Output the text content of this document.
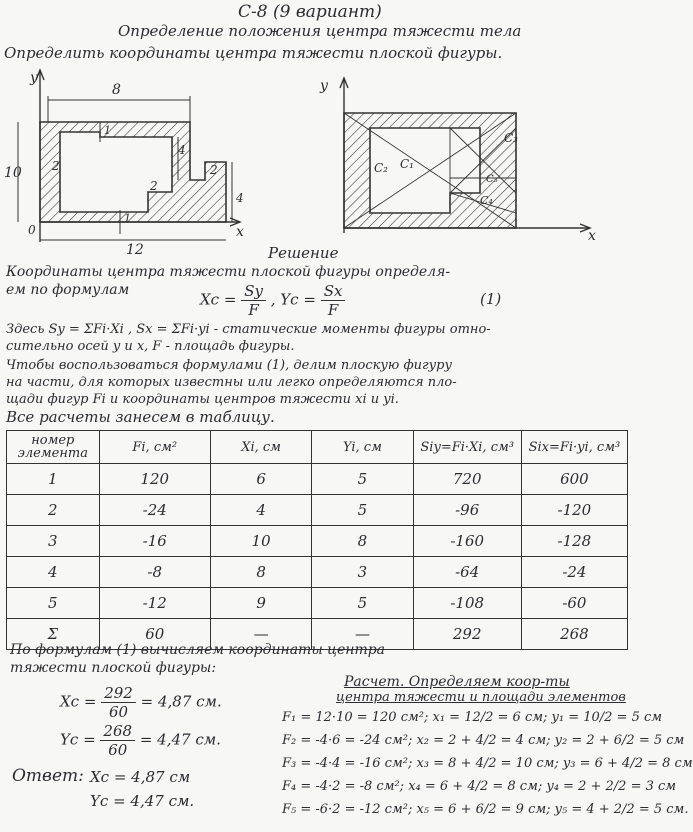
С-8 (9 вариант)
Определение положения центра тяжести тела
Определить координаты центра тяжести плоской фигуры.
8
10
12
2
2
2
4
4
1
1
y
x
0
y
x
C₁
C₂
C₃
C₄
C₅
Решение
Координаты центра тяжести плоской фигуры определя-
ем по формулам
$Xc = \frac{Sy}{F}$ , $Yc = \frac{Sx}{F}$	(1)
Здесь Sy = ΣFi·Xi , Sx = ΣFi·yi - статические моменты фигуры отно-
сительно осей y и x, F - площадь фигуры.
Чтобы воспользоваться формулами (1), делим плоскую фигуру
на части, для которых известны или легко определяются пло-
щади фигур Fi и координаты центров тяжести xi и yi.
Все расчеты занесем в таблицу.
номер элемента	Fi, см²	Xi, см	Yi, см	Siy=Fi·Xi, см³	Six=Fi·yi, см³
1	120	6	5	720	600
2	-24	4	5	-96	-120
3	-16	10	8	-160	-128
4	-8	8	3	-64	-24
5	-12	9	5	-108	-60
Σ	60	—	—	292	268
По формулам (1) вычисляем координаты центра
тяжести плоской фигуры:
$Xc = \frac{292}{60} = 4,87$ см.
$Yc = \frac{268}{60} = 4,47$ см.
Ответ: Xc = 4,87 см
Yc = 4,47 см.
Расчет. Определяем коор-ты
центра тяжести и площади элементов
F₁ = 12·10 = 120 см²; x₁ = 12/2 = 6 см; y₁ = 10/2 = 5 см
F₂ = -4·6 = -24 см²; x₂ = 2 + 4/2 = 4 см; y₂ = 2 + 6/2 = 5 см
F₃ = -4·4 = -16 см²; x₃ = 8 + 4/2 = 10 см; y₃ = 6 + 4/2 = 8 см
F₄ = -4·2 = -8 см²; x₄ = 6 + 4/2 = 8 см; y₄ = 2 + 2/2 = 3 см
F₅ = -6·2 = -12 см²; x₅ = 6 + 6/2 = 9 см; y₅ = 4 + 2/2 = 5 см.
